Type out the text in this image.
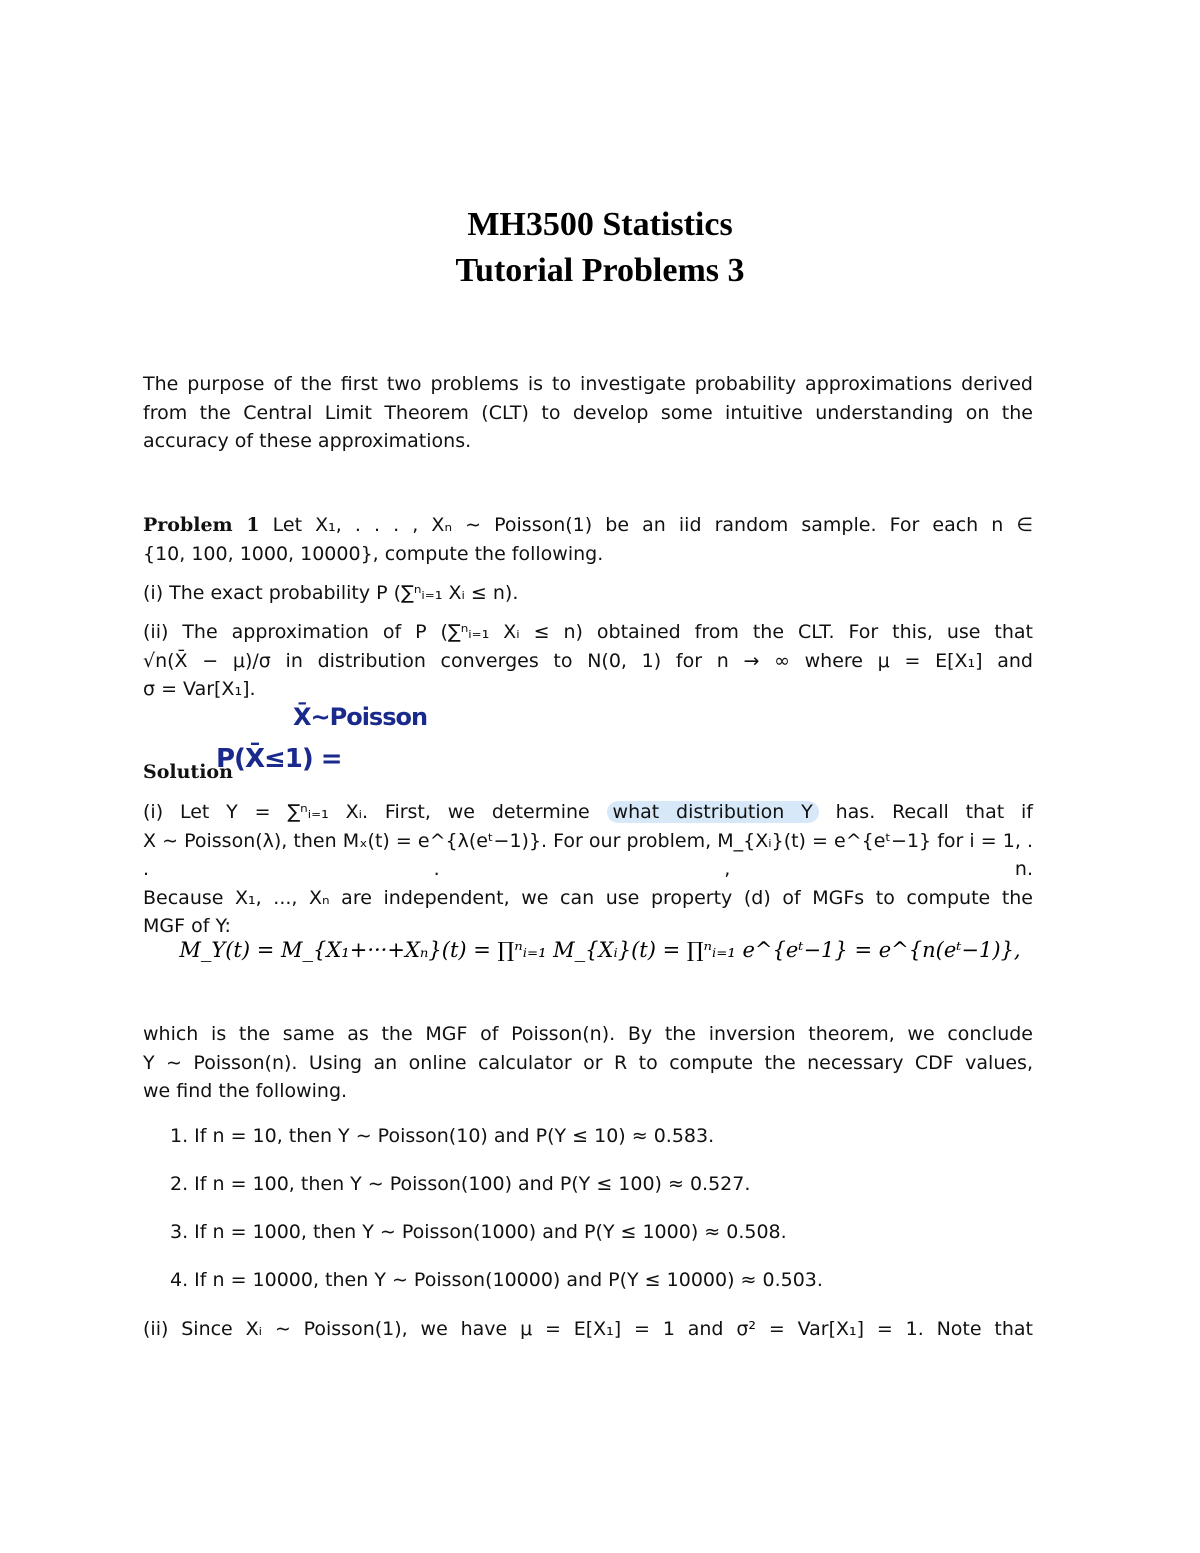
MH3500 Statistics
Tutorial Problems 3
The purpose of the first two problems is to investigate probability approximations derived
from the Central Limit Theorem (CLT) to develop some intuitive understanding on the
accuracy of these approximations.
Problem 1 Let X₁, . . . , Xₙ ∼ Poisson(1) be an iid random sample. For each n ∈
{10, 100, 1000, 10000}, compute the following.
(i) The exact probability P (∑ⁿᵢ₌₁ Xᵢ ≤ n).
(ii) The approximation of P (∑ⁿᵢ₌₁ Xᵢ ≤ n) obtained from the CLT. For this, use that
√n(X̄ − μ)/σ in distribution converges to N(0, 1) for n → ∞ where μ = E[X₁] and
σ = Var[X₁].
X̄~Poisson
P(X̄≤1) =
Solution
(i) Let Y = ∑ⁿᵢ₌₁ Xᵢ. First, we determine what distribution Y has. Recall that if
X ∼ Poisson(λ), then Mₓ(t) = e^{λ(eᵗ−1)}. For our problem, M_{Xᵢ}(t) = e^{eᵗ−1} for i = 1, . . . , n.
Because X₁, ..., Xₙ are independent, we can use property (d) of MGFs to compute the
MGF of Y:
M_Y(t) = M_{X₁+···+Xₙ}(t) = ∏ⁿᵢ₌₁ M_{Xᵢ}(t) = ∏ⁿᵢ₌₁ e^{eᵗ−1} = e^{n(eᵗ−1)},
which is the same as the MGF of Poisson(n). By the inversion theorem, we conclude
Y ∼ Poisson(n). Using an online calculator or R to compute the necessary CDF values,
we find the following.
1. If n = 10, then Y ∼ Poisson(10) and P(Y ≤ 10) ≈ 0.583.
2. If n = 100, then Y ∼ Poisson(100) and P(Y ≤ 100) ≈ 0.527.
3. If n = 1000, then Y ∼ Poisson(1000) and P(Y ≤ 1000) ≈ 0.508.
4. If n = 10000, then Y ∼ Poisson(10000) and P(Y ≤ 10000) ≈ 0.503.
(ii) Since Xᵢ ∼ Poisson(1), we have μ = E[X₁] = 1 and σ² = Var[X₁] = 1. Note that
